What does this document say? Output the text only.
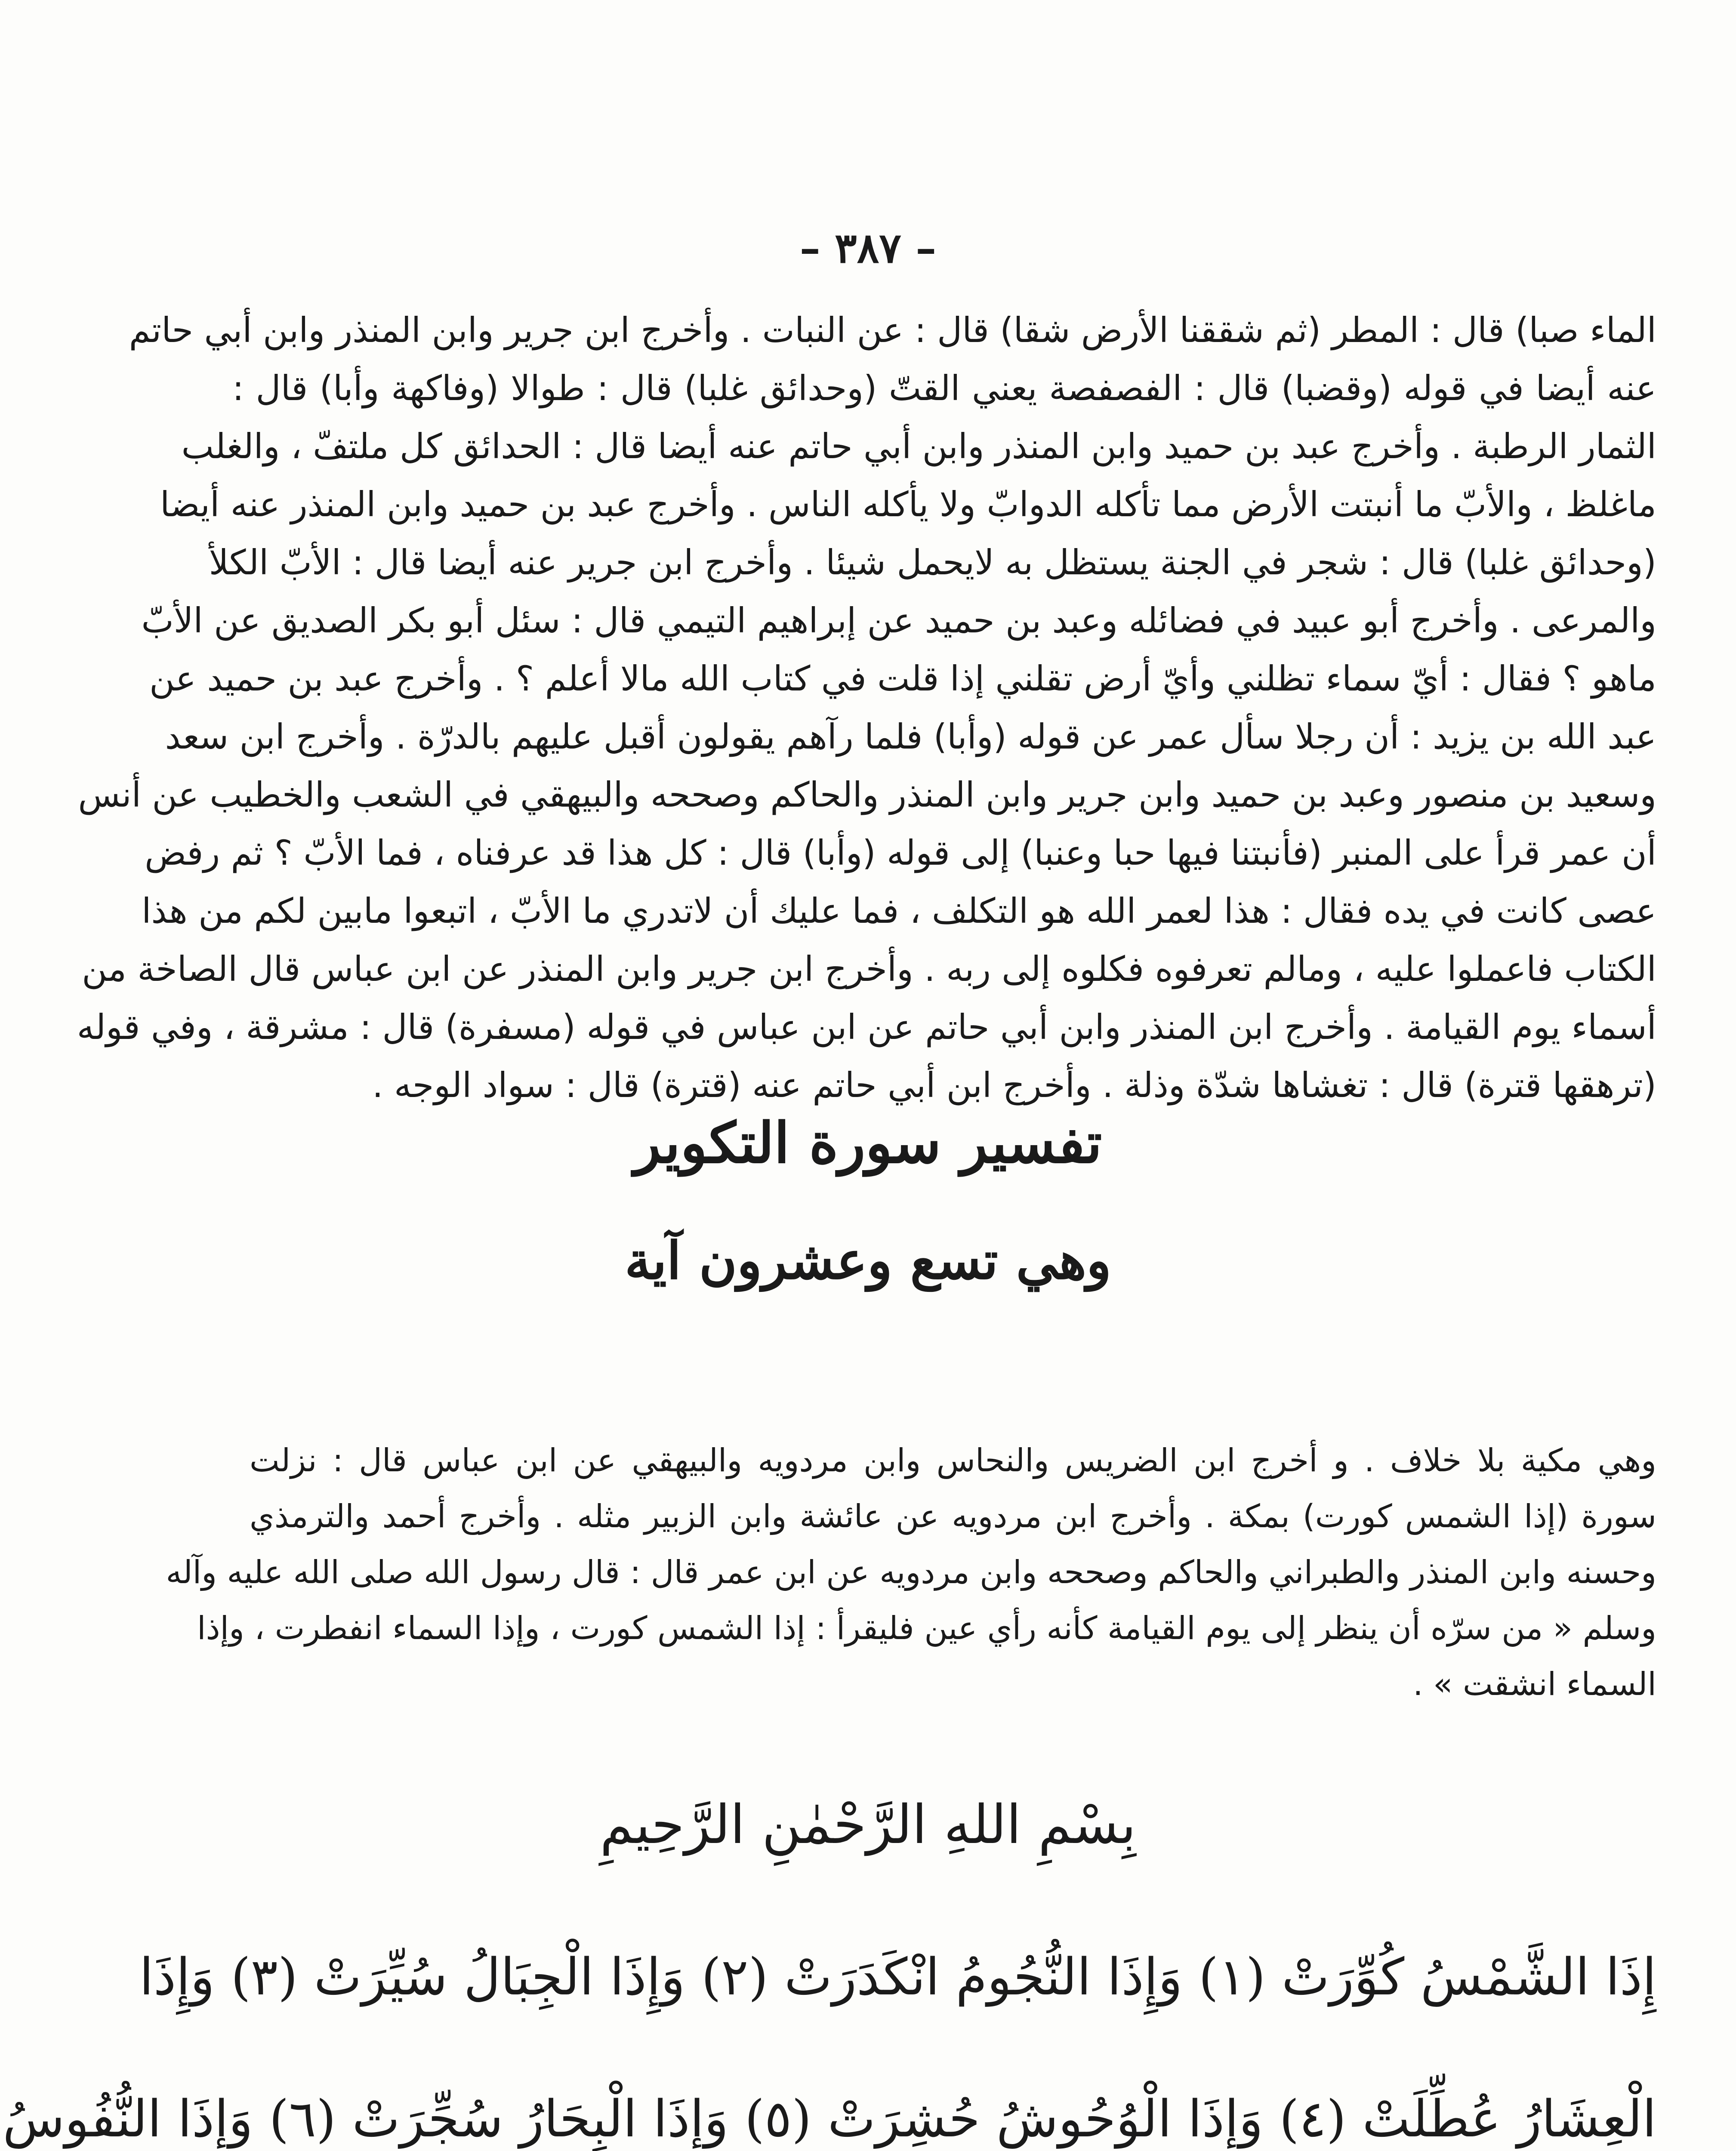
– ٣٨٧ –
الماء صبا) قال : المطر (ثم شققنا الأرض شقا) قال : عن النبات . وأخرج ابن جرير وابن المنذر وابن أبي حاتم
عنه أيضا في قوله (وقضبا) قال : الفصفصة يعني القتّ (وحدائق غلبا) قال : طوالا (وفاكهة وأبا) قال :
الثمار الرطبة . وأخرج عبد بن حميد وابن المنذر وابن أبي حاتم عنه أيضا قال : الحدائق كل ملتفّ ، والغلب
ماغلظ ، والأبّ ما أنبتت الأرض مما تأكله الدوابّ ولا يأكله الناس . وأخرج عبد بن حميد وابن المنذر عنه أيضا
(وحدائق غلبا) قال : شجر في الجنة يستظل به لايحمل شيئا . وأخرج ابن جرير عنه أيضا قال : الأبّ الكلأ
والمرعى . وأخرج أبو عبيد في فضائله وعبد بن حميد عن إبراهيم التيمي قال : سئل أبو بكر الصديق عن الأبّ
ماهو ؟ فقال : أيّ سماء تظلني وأيّ أرض تقلني إذا قلت في كتاب الله مالا أعلم ؟ . وأخرج عبد بن حميد عن
عبد الله بن يزيد : أن رجلا سأل عمر عن قوله (وأبا) فلما رآهم يقولون أقبل عليهم بالدرّة . وأخرج ابن سعد
وسعيد بن منصور وعبد بن حميد وابن جرير وابن المنذر والحاكم وصححه والبيهقي في الشعب والخطيب عن أنس
أن عمر قرأ على المنبر (فأنبتنا فيها حبا وعنبا) إلى قوله (وأبا) قال : كل هذا قد عرفناه ، فما الأبّ ؟ ثم رفض
عصى كانت في يده فقال : هذا لعمر الله هو التكلف ، فما عليك أن لاتدري ما الأبّ ، اتبعوا مابين لكم من هذا
الكتاب فاعملوا عليه ، ومالم تعرفوه فكلوه إلى ربه . وأخرج ابن جرير وابن المنذر عن ابن عباس قال الصاخة من
أسماء يوم القيامة . وأخرج ابن المنذر وابن أبي حاتم عن ابن عباس في قوله (مسفرة) قال : مشرقة ، وفي قوله
(ترهقها قترة) قال : تغشاها شدّة وذلة . وأخرج ابن أبي حاتم عنه (قترة) قال : سواد الوجه .
تفسير سورة التكوير
وهي تسع وعشرون آية
وهي مكية بلا خلاف . و أخرج ابن الضريس والنحاس وابن مردويه والبيهقي عن ابن عباس قال : نزلت
سورة (إذا الشمس كورت) بمكة . وأخرج ابن مردويه عن عائشة وابن الزبير مثله . وأخرج أحمد والترمذي
وحسنه وابن المنذر والطبراني والحاكم وصححه وابن مردويه عن ابن عمر قال : قال رسول الله صلى الله عليه وآله
وسلم « من سرّه أن ينظر إلى يوم القيامة كأنه رأي عين فليقرأ : إذا الشمس كورت ، وإذا السماء انفطرت ، وإذا
السماء انشقت » .
بِسْمِ اللهِ الرَّحْمٰنِ الرَّحِيمِ
إِذَا الشَّمْسُ كُوِّرَتْ (١) وَإِذَا النُّجُومُ انْكَدَرَتْ (٢) وَإِذَا الْجِبَالُ سُيِّرَتْ (٣) وَإِذَا
الْعِشَارُ عُطِّلَتْ (٤) وَإِذَا الْوُحُوشُ حُشِرَتْ (٥) وَإِذَا الْبِحَارُ سُجِّرَتْ (٦) وَإِذَا النُّفُوسُ
